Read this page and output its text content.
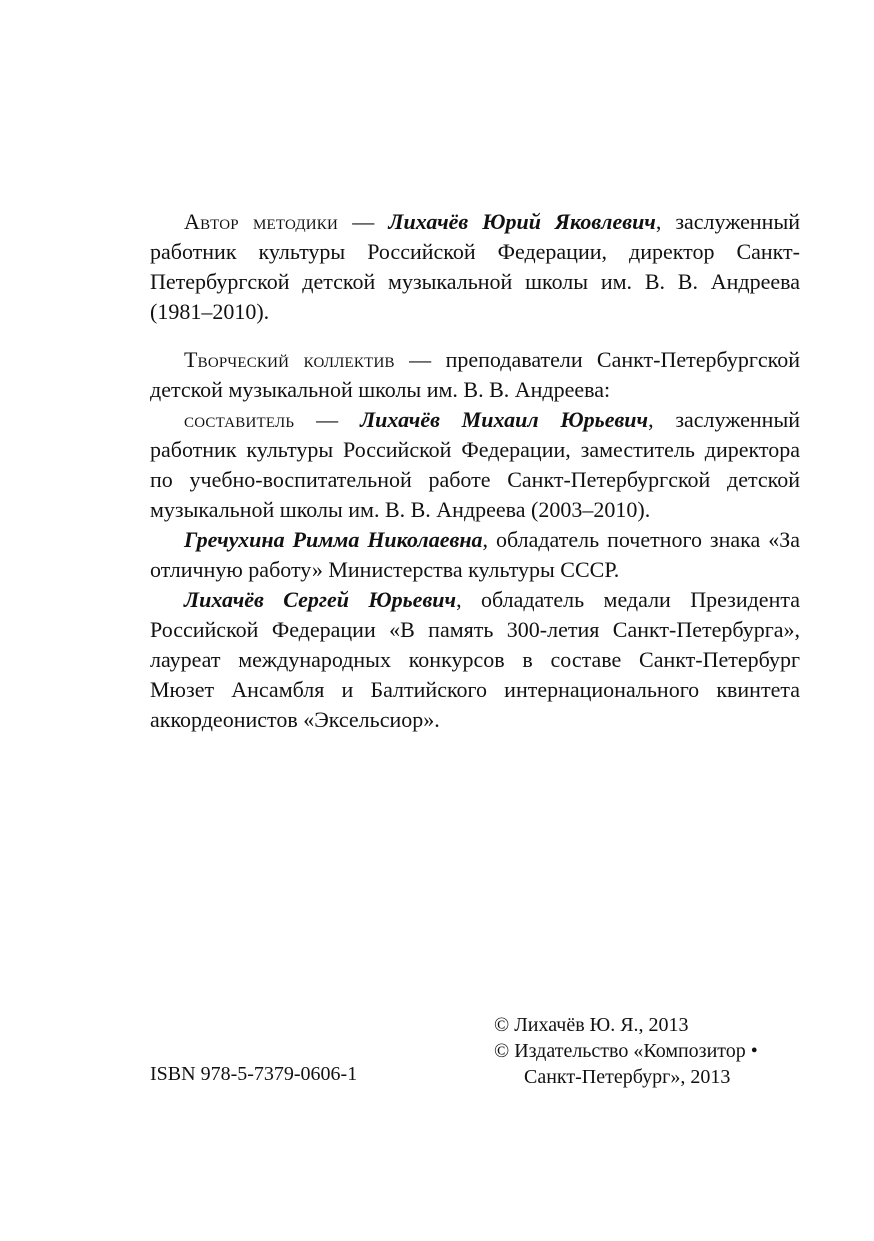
Автор методики — Лихачёв Юрий Яковлевич, заслуженный работник культуры Российской Федерации, директор Санкт-Петербургской детской музыкальной школы им. В. В. Андреева (1981–2010).

Творческий коллектив — преподаватели Санкт-Петербургской детской музыкальной школы им. В. В. Андреева:

составитель — Лихачёв Михаил Юрьевич, заслуженный работник культуры Российской Федерации, заместитель директора по учебно-воспитательной работе Санкт-Петербургской детской музыкальной школы им. В. В. Андреева (2003–2010).

Гречухина Римма Николаевна, обладатель почетного знака «За отличную работу» Министерства культуры СССР.

Лихачёв Сергей Юрьевич, обладатель медали Президента Российской Федерации «В память 300-летия Санкт-Петербурга», лауреат международных конкурсов в составе Санкт-Петербург Мюзет Ансамбля и Балтийского интернационального квинтета аккордеонистов «Эксельсиор».

© Лихачёв Ю. Я., 2013
© Издательство «Композитор •
Санкт-Петербург», 2013
ISBN 978-5-7379-0606-1
